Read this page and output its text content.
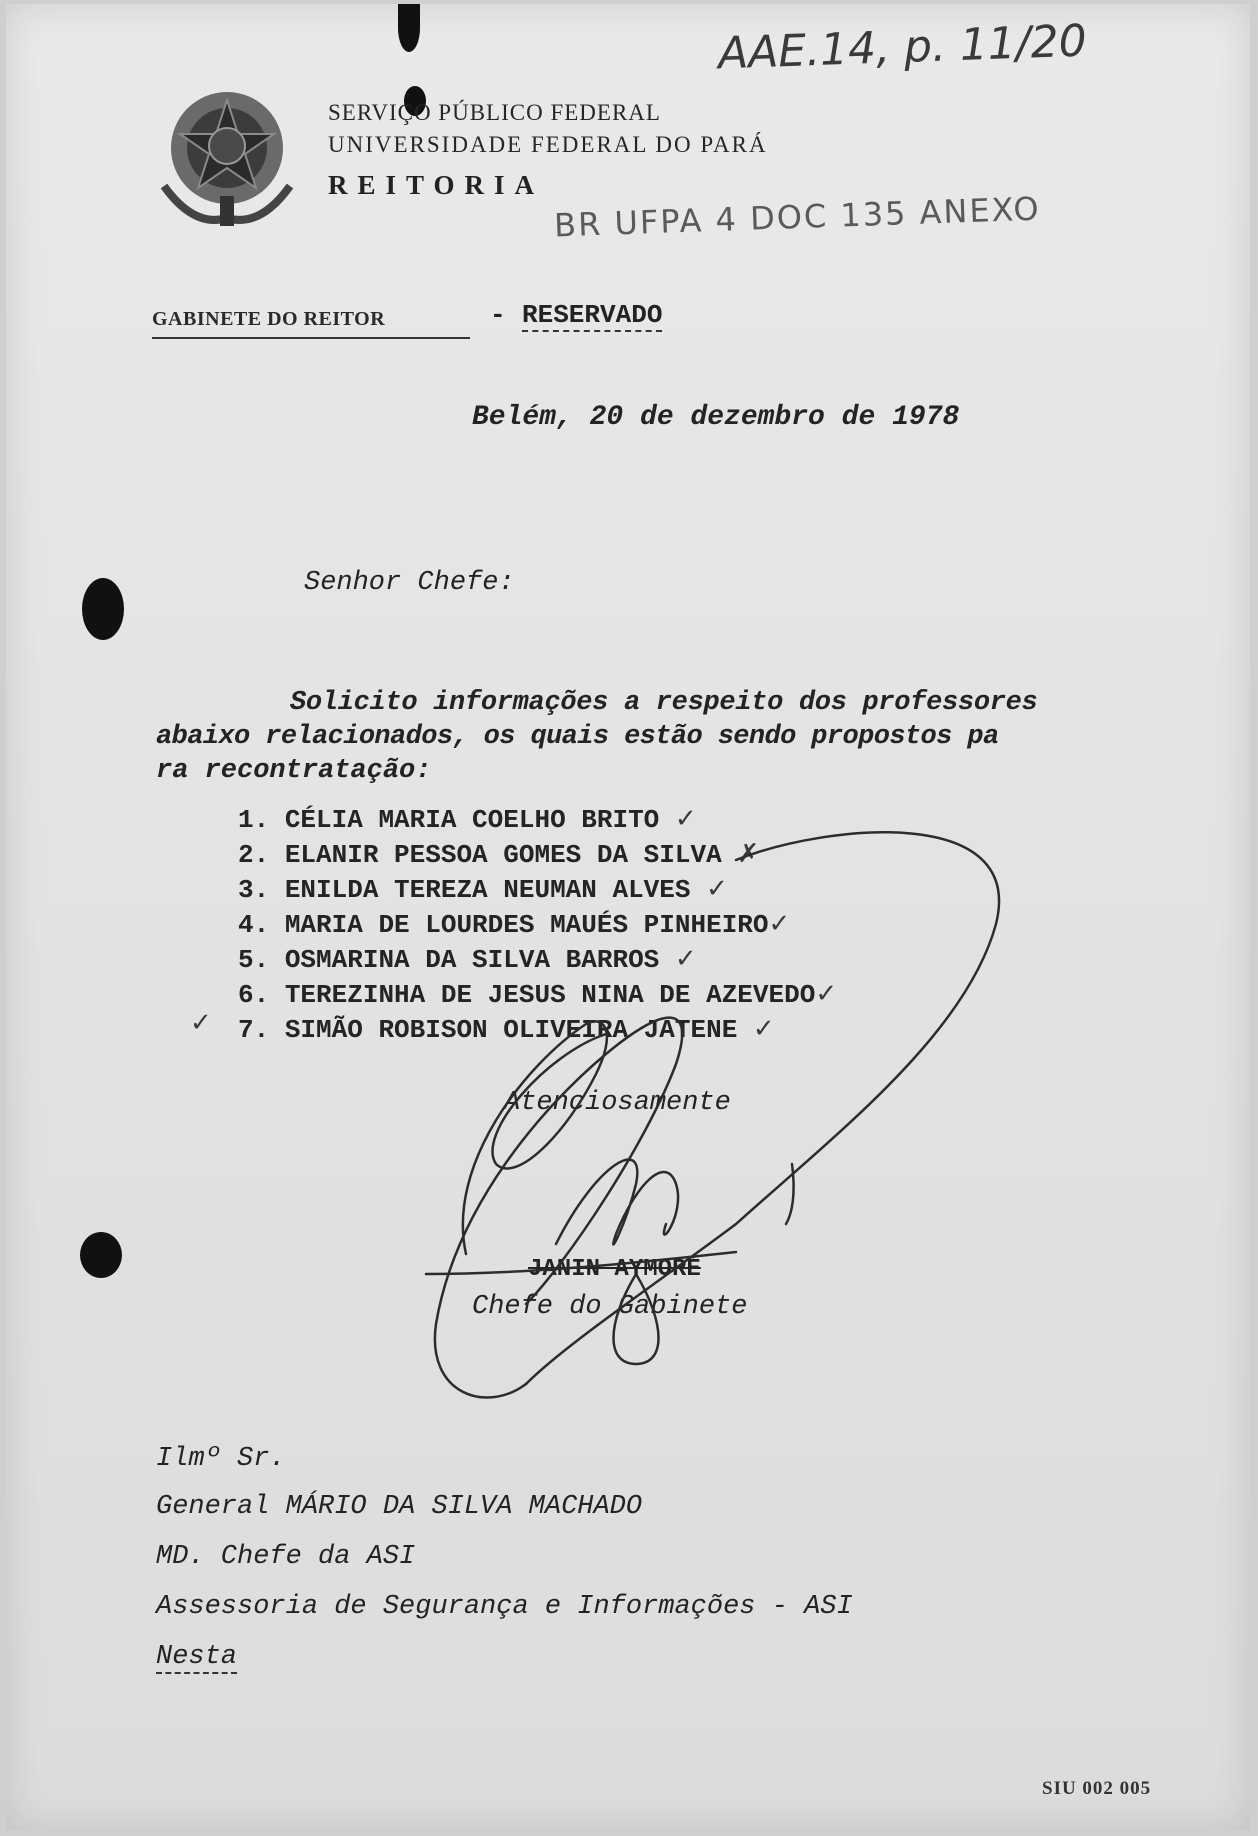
AAE.14, p. 11/20
BR UFPA 4 DOC 135 ANEXO
SERVIÇO PÚBLICO FEDERAL
UNIVERSIDADE FEDERAL DO PARÁ
REITORIA
GABINETE DO REITOR	- RESERVADO
Belém, 20 de dezembro de 1978
Senhor Chefe:
Solicito informações a respeito dos professores
abaixo relacionados, os quais estão sendo propostos pa
ra recontratação:
1. CÉLIA MARIA COELHO BRITO ✓
2. ELANIR PESSOA GOMES DA SILVA ✗
3. ENILDA TEREZA NEUMAN ALVES ✓
4. MARIA DE LOURDES MAUÉS PINHEIRO✓
5. OSMARINA DA SILVA BARROS ✓
6. TEREZINHA DE JESUS NINA DE AZEVEDO✓
7. SIMÃO ROBISON OLIVEIRA JATENE ✓
✓
Atenciosamente
JANIN AYMORÉ
Chefe do Gabinete
Ilmº Sr.
General MÁRIO DA SILVA MACHADO
MD. Chefe da ASI
Assessoria de Segurança e Informações - ASI
Nesta
SIU 002 005
